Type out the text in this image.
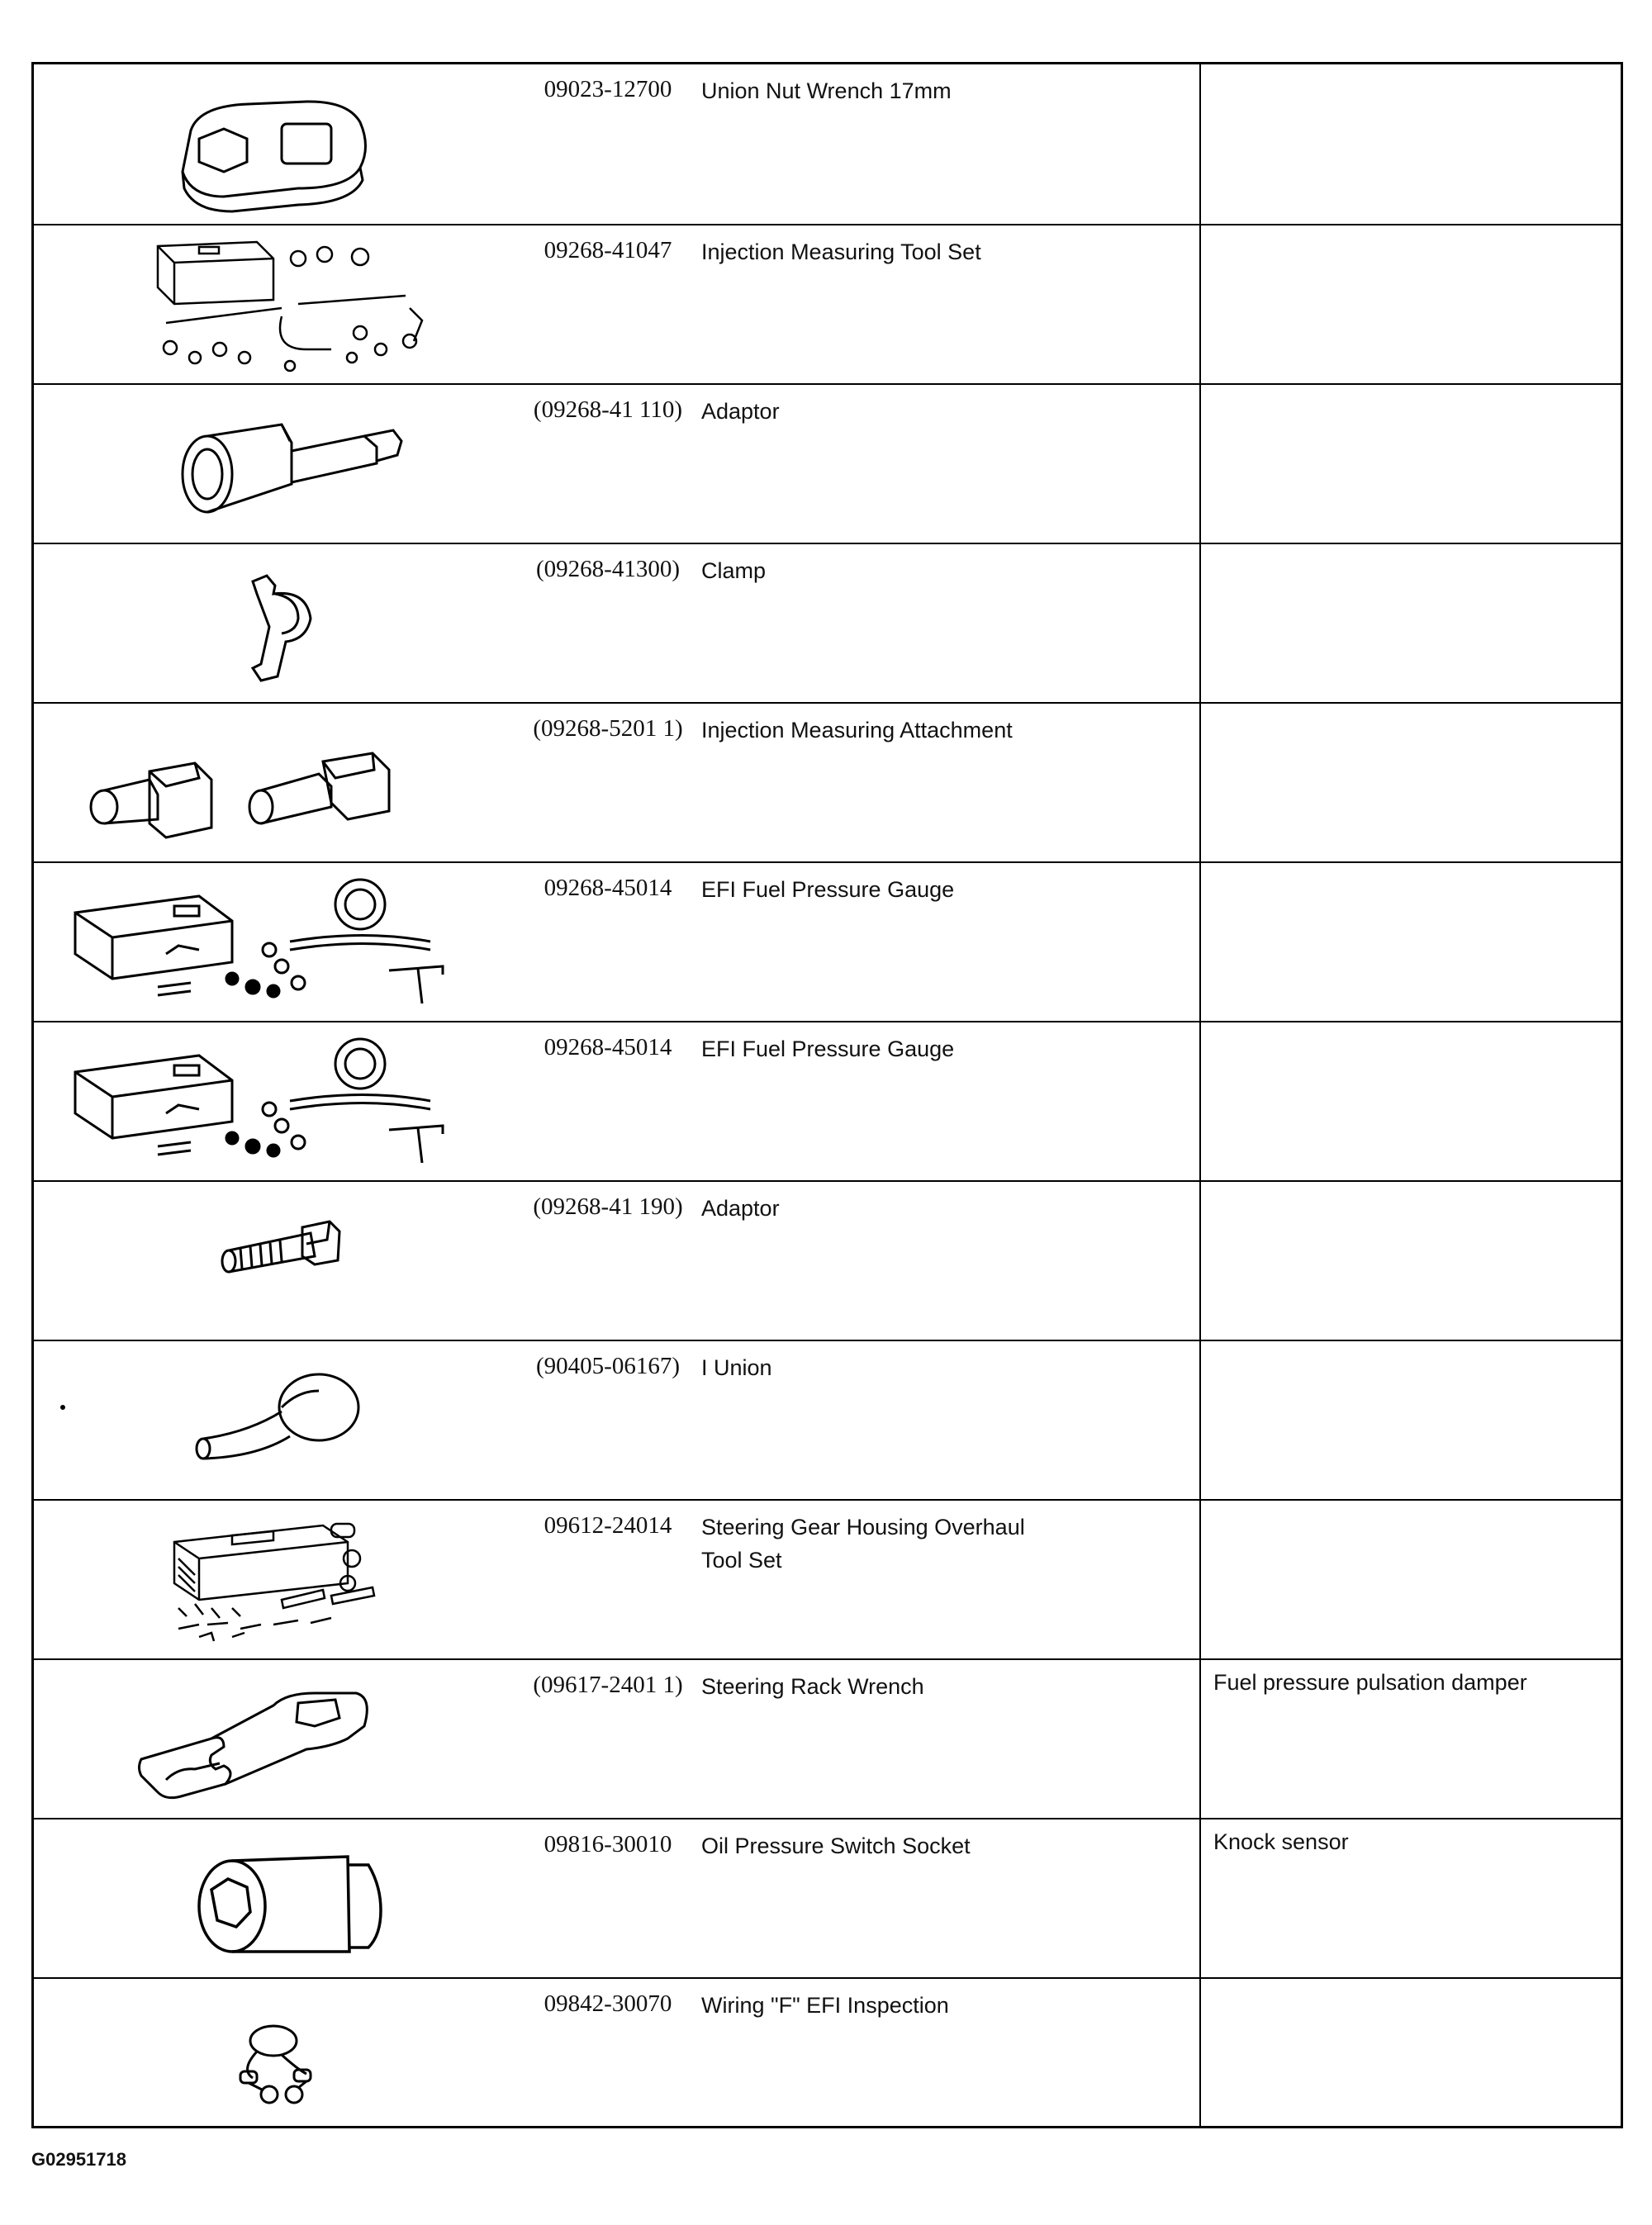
09023-12700	Union Nut Wrench 17mm
09268-41047	Injection Measuring Tool Set
(09268-41 110) Adaptor
(09268-41300) Clamp
(09268-5201 1) Injection Measuring Attachment
09268-45014	EFI Fuel Pressure Gauge
09268-45014	EFI Fuel Pressure Gauge
(09268-41 190) Adaptor
(90405-06167) I Union
09612-24014	Steering Gear Housing Overhaul
Tool Set
(09617-2401 1) Steering Rack Wrench	Fuel pressure pulsation damper
09816-30010	Oil Pressure Switch Socket	Knock sensor
09842-30070	Wiring "F" EFI Inspection
G02951718
